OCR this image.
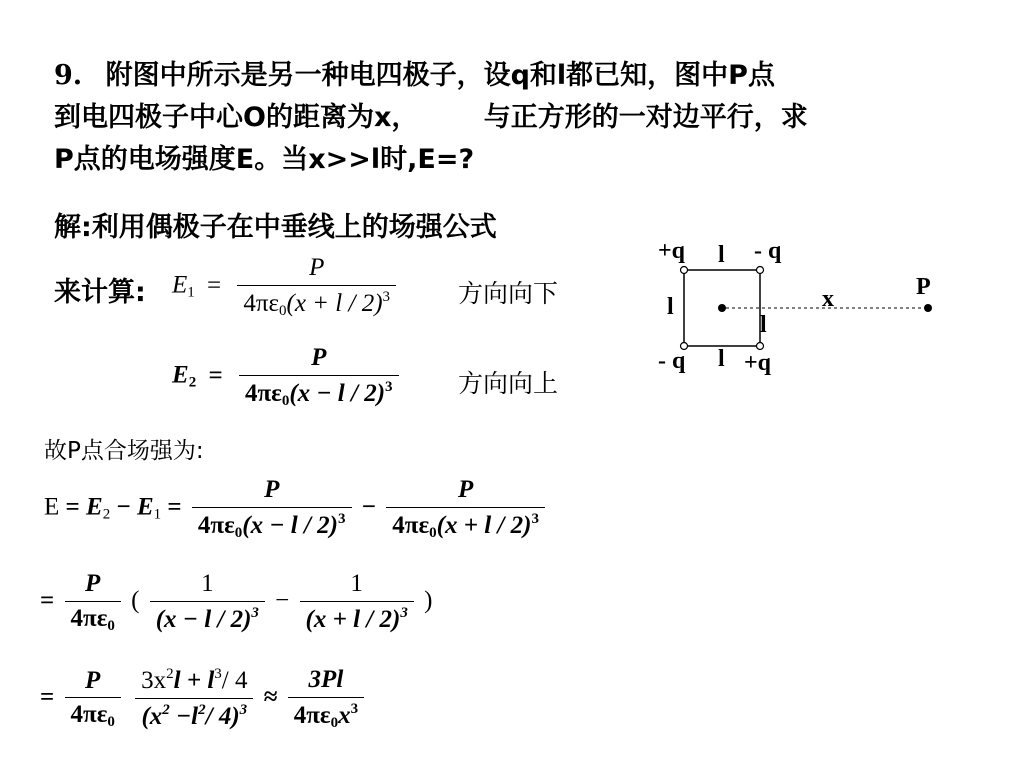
9. 附图中所示是另一种电四极子，设q和l都已知，图中P点
到电四极子中心O的距离为x， 与正方形的一对边平行，求
P点的电场强度E。当x>>l时,E=?
解:利用偶极子在中垂线上的场强公式
来计算: $E_1 = \frac{P}{4\pi\varepsilon_0(x + l / 2)^3}$ 方向向下
$E_2 = \frac{P}{4\pi\varepsilon_0(x - l / 2)^3}$ 方向向上
故P点合场强为:
$E = E_2 - E_1 = \frac{P}{4\pi\varepsilon_0(x - l / 2)^3} - \frac{P}{4\pi\varepsilon_0(x + l / 2)^3}$
= $\frac{P}{4\pi\varepsilon_0}$ ( $\frac{1}{(x - l / 2)^3} - \frac{1}{(x + l / 2)^3}$ )
= $\frac{P}{4\pi\varepsilon_0}$
$\frac{3x^2l + l^3/ 4}{(x^2 -l^2/ 4)^3} \approx \frac{3Pl}{4\pi\varepsilon_0x^3}$
+q l - q
l
l
- q l +q
x	P
